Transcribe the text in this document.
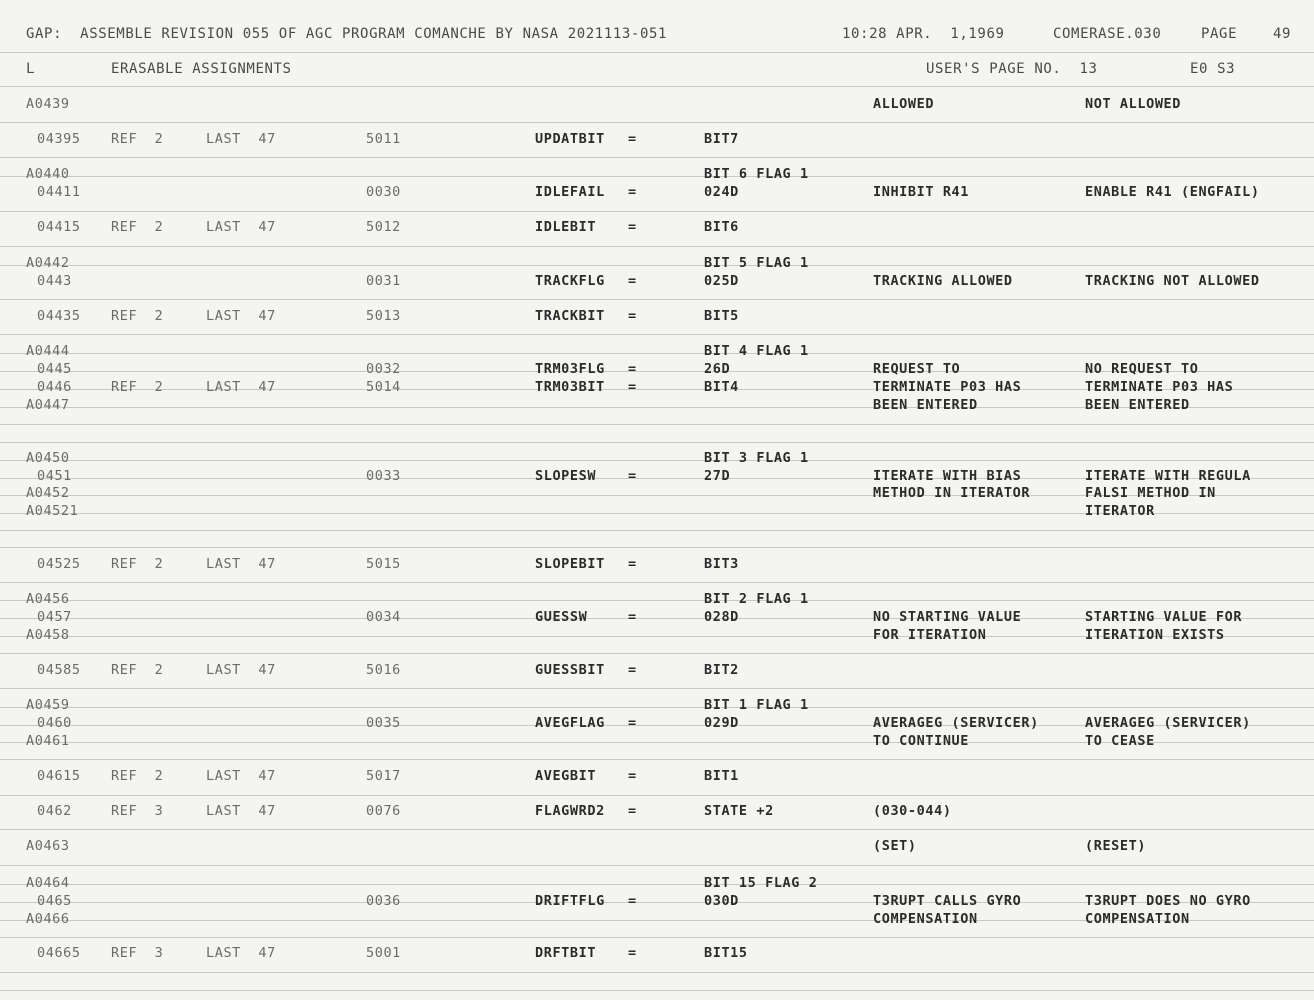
GAP:  ASSEMBLE REVISION 055 OF AGC PROGRAM COMANCHE BY NASA 2021113-051	10:28 APR.  1,1969	COMERASE.030	PAGE	49
L	ERASABLE ASSIGNMENTS	USER'S PAGE NO.  13	E0 S3
A0439	ALLOWED	NOT ALLOWED
04395 REF  2	LAST  47	5011	UPDATBIT =	BIT7
A0440	BIT 6 FLAG 1
04411	0030	IDLEFAIL =	024D	INHIBIT R41	ENABLE R41 (ENGFAIL)
04415 REF  2	LAST  47	5012	IDLEBIT =	BIT6
A0442	BIT 5 FLAG 1
0443	0031	TRACKFLG =	025D	TRACKING ALLOWED	TRACKING NOT ALLOWED
04435 REF  2	LAST  47	5013	TRACKBIT =	BIT5
A0444	BIT 4 FLAG 1
0445	0032	TRM03FLG =	26D	REQUEST TO	NO REQUEST TO
0446	REF  2	LAST  47	5014	TRM03BIT =	BIT4	TERMINATE P03 HAS	TERMINATE P03 HAS
A0447	BEEN ENTERED	BEEN ENTERED
A0450	BIT 3 FLAG 1
0451	0033	SLOPESW =	27D	ITERATE WITH BIAS	ITERATE WITH REGULA
A0452	METHOD IN ITERATOR	FALSI METHOD IN
A04521	ITERATOR
04525 REF  2	LAST  47	5015	SLOPEBIT =	BIT3
A0456	BIT 2 FLAG 1
0457	0034	GUESSW	=	028D	NO STARTING VALUE	STARTING VALUE FOR
A0458	FOR ITERATION	ITERATION EXISTS
04585 REF  2	LAST  47	5016	GUESSBIT =	BIT2
A0459	BIT 1 FLAG 1
0460	0035	AVEGFLAG =	029D	AVERAGEG (SERVICER)	AVERAGEG (SERVICER)
A0461	TO CONTINUE	TO CEASE
04615 REF  2	LAST  47	5017	AVEGBIT =	BIT1
0462	REF  3	LAST  47	0076	FLAGWRD2 =	STATE +2	(030-044)
A0463	(SET)	(RESET)
A0464	BIT 15 FLAG 2
0465	0036	DRIFTFLG =	030D	T3RUPT CALLS GYRO	T3RUPT DOES NO GYRO
A0466	COMPENSATION	COMPENSATION
04665 REF  3	LAST  47	5001	DRFTBIT =	BIT15
